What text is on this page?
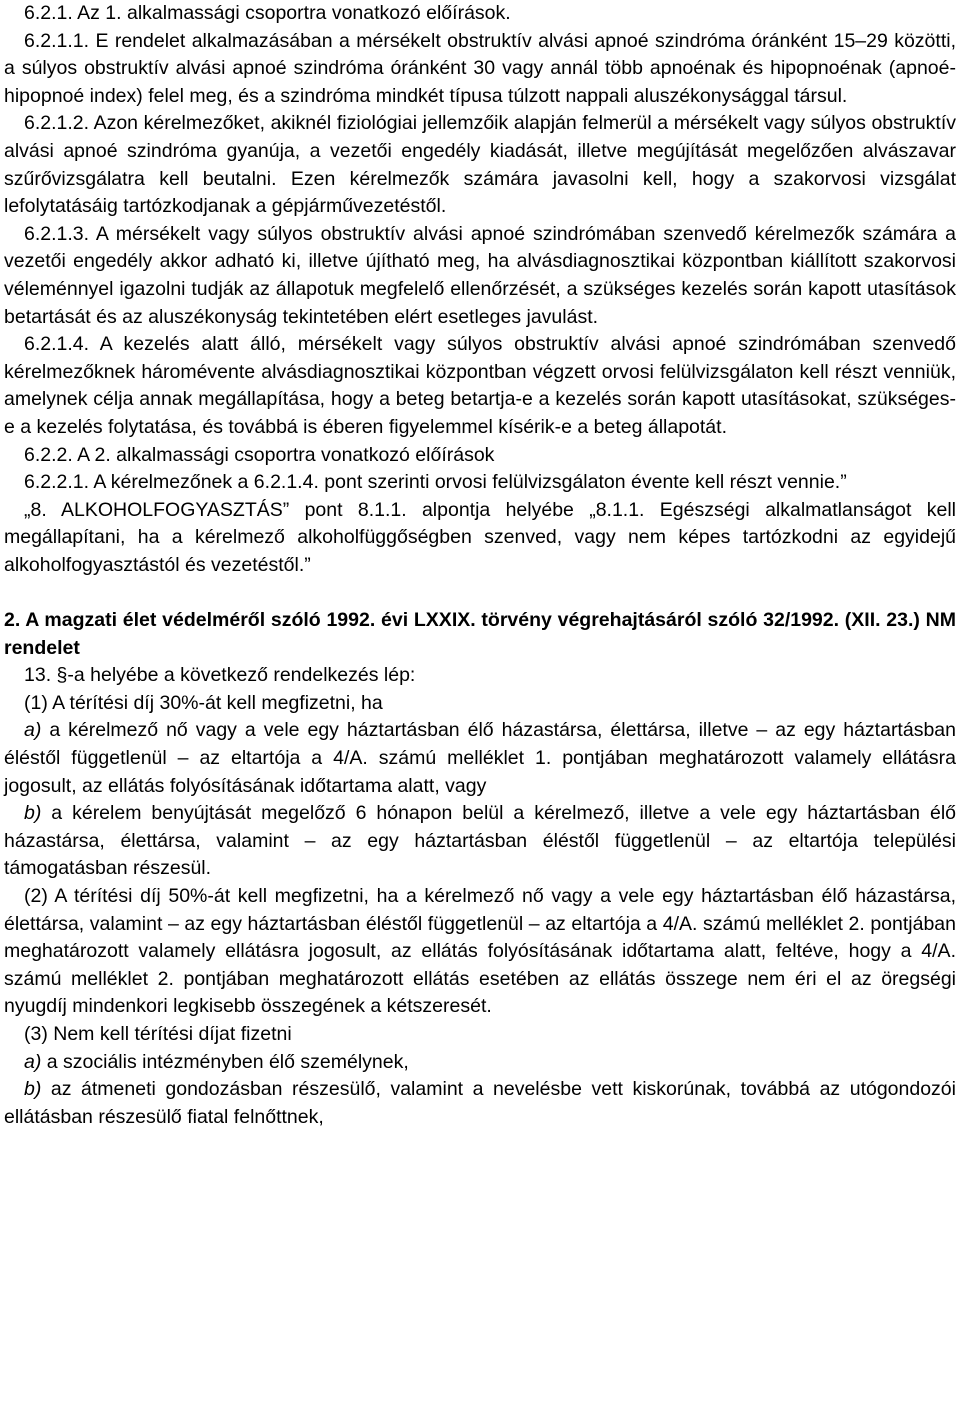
6.2.1. Az 1. alkalmassági csoportra vonatkozó előírások.

6.2.1.1. E rendelet alkalmazásában a mérsékelt obstruktív alvási apnoé szindróma óránként 15–29 közötti, a súlyos obstruktív alvási apnoé szindróma óránként 30 vagy annál több apnoénak és hipopnoénak (apnoé-hipopnoé index) felel meg, és a szindróma mindkét típusa túlzott nappali aluszékonysággal társul.

6.2.1.2. Azon kérelmezőket, akiknél fiziológiai jellemzőik alapján felmerül a mérsékelt vagy súlyos obstruktív alvási apnoé szindróma gyanúja, a vezetői engedély kiadását, illetve megújítását megelőzően alvászavar szűrővizsgálatra kell beutalni. Ezen kérelmezők számára javasolni kell, hogy a szakorvosi vizsgálat lefolytatásáig tartózkodjanak a gépjárművezetéstől.

6.2.1.3. A mérsékelt vagy súlyos obstruktív alvási apnoé szindrómában szenvedő kérelmezők számára a vezetői engedély akkor adható ki, illetve újítható meg, ha alvásdiagnosztikai központban kiállított szakorvosi véleménnyel igazolni tudják az állapotuk megfelelő ellenőrzését, a szükséges kezelés során kapott utasítások betartását és az aluszékonyság tekintetében elért esetleges javulást.

6.2.1.4. A kezelés alatt álló, mérsékelt vagy súlyos obstruktív alvási apnoé szindrómában szenvedő kérelmezőknek háromévente alvásdiagnosztikai központban végzett orvosi felülvizsgálaton kell részt venniük, amelynek célja annak megállapítása, hogy a beteg betartja-e a kezelés során kapott utasításokat, szükséges-e a kezelés folytatása, és továbbá is éberen figyelemmel kísérik-e a beteg állapotát.

6.2.2. A 2. alkalmassági csoportra vonatkozó előírások

6.2.2.1. A kérelmezőnek a 6.2.1.4. pont szerinti orvosi felülvizsgálaton évente kell részt vennie.”

„8. ALKOHOLFOGYASZTÁS” pont 8.1.1. alpontja helyébe „8.1.1. Egészségi alkalmatlanságot kell megállapítani, ha a kérelmező alkoholfüggőségben szenved, vagy nem képes tartózkodni az egyidejű alkoholfogyasztástól és vezetéstől.”

2. A magzati élet védelméről szóló 1992. évi LXXIX. törvény végrehajtásáról szóló 32/1992. (XII. 23.) NM rendelet

13. §-a helyébe a következő rendelkezés lép:

(1) A térítési díj 30%-át kell megfizetni, ha

a) a kérelmező nő vagy a vele egy háztartásban élő házastársa, élettársa, illetve – az egy háztartásban éléstől függetlenül – az eltartója a 4/A. számú melléklet 1. pontjában meghatározott valamely ellátásra jogosult, az ellátás folyósításának időtartama alatt, vagy

b) a kérelem benyújtását megelőző 6 hónapon belül a kérelmező, illetve a vele egy háztartásban élő házastársa, élettársa, valamint – az egy háztartásban éléstől függetlenül – az eltartója települési támogatásban részesül.

(2) A térítési díj 50%-át kell megfizetni, ha a kérelmező nő vagy a vele egy háztartásban élő házastársa, élettársa, valamint – az egy háztartásban éléstől függetlenül – az eltartója a 4/A. számú melléklet 2. pontjában meghatározott valamely ellátásra jogosult, az ellátás folyósításának időtartama alatt, feltéve, hogy a 4/A. számú melléklet 2. pontjában meghatározott ellátás esetében az ellátás összege nem éri el az öregségi nyugdíj mindenkori legkisebb összegének a kétszeresét.

(3) Nem kell térítési díjat fizetni

a) a szociális intézményben élő személynek,

b) az átmeneti gondozásban részesülő, valamint a nevelésbe vett kiskorúnak, továbbá az utógondozói ellátásban részesülő fiatal felnőttnek,
